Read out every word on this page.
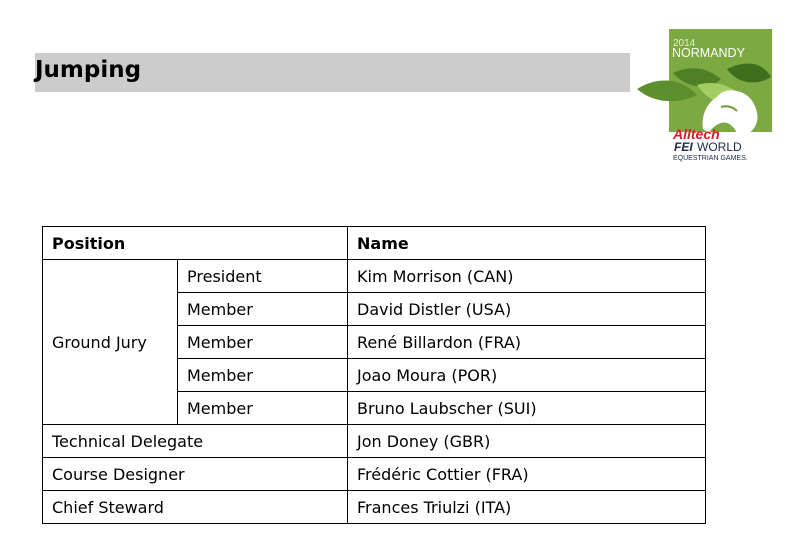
Jumping
2014
NORMANDY
Alltech
FEI WORLD
EQUESTRIAN GAMES.
Position		Name
Ground Jury	President	Kim Morrison (CAN)
	Member	David Distler (USA)
	Member	René Billardon (FRA)
	Member	Joao Moura (POR)
	Member	Bruno Laubscher (SUI)
Technical Delegate		Jon Doney (GBR)
Course Designer		Frédéric Cottier (FRA)
Chief Steward		Frances Triulzi (ITA)
